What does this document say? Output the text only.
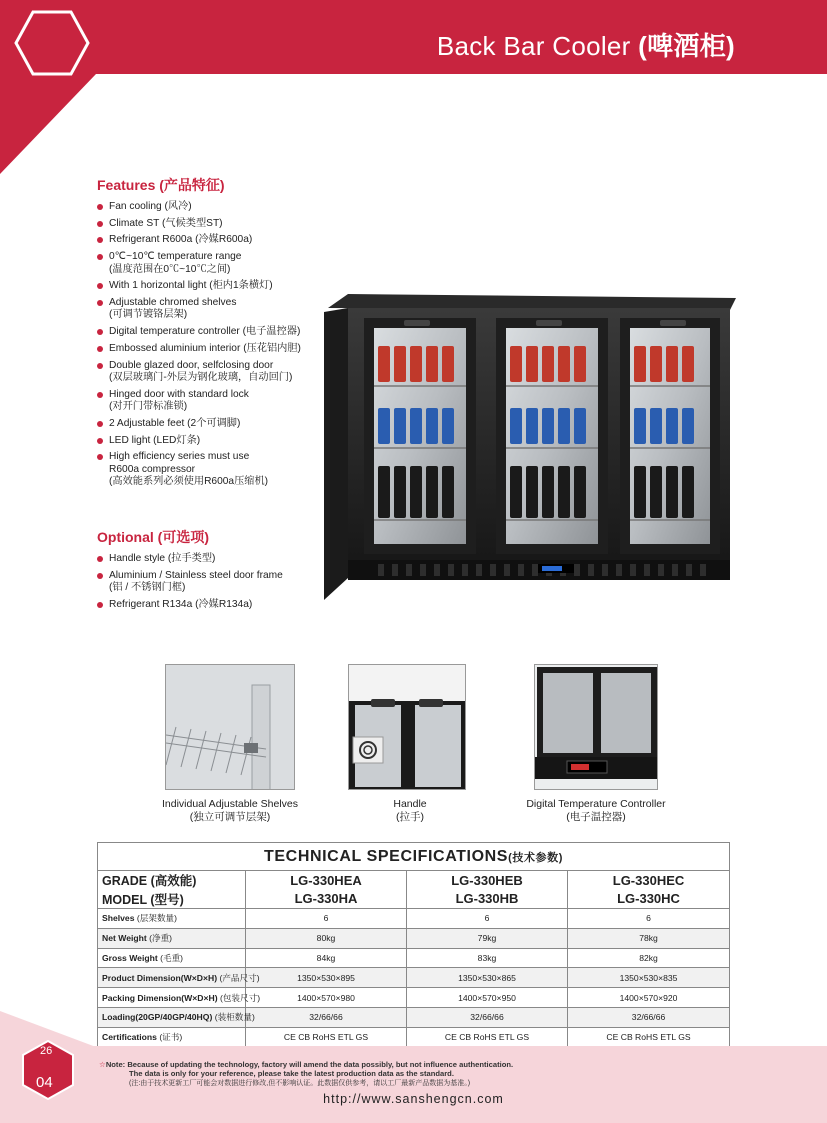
Back Bar Cooler (啤酒柜)
Features (产品特征)
Fan cooling (风冷)
Climate ST (气候类型ST)
Refrigerant R600a (冷媒R600a)
0℃~10℃ temperature range
(温度范围在0℃~10℃之间)
With 1 horizontal light (柜内1条横灯)
Adjustable chromed shelves
(可调节镀铬层架)
Digital temperature controller (电子温控器)
Embossed aluminium interior (压花铝内胆)
Double glazed door, selfclosing door
(双层玻璃门-外层为钢化玻璃，自动回门)
Hinged door with standard lock
(对开门带标准锁)
2 Adjustable feet (2个可调脚)
LED light (LED灯条)
High efficiency series must use
R600a compressor
(高效能系列必须使用R600a压缩机)
Optional (可选项)
Handle style (拉手类型)
Aluminium / Stainless steel door frame
(铝 / 不锈钢门框)
Refrigerant R134a (冷媒R134a)
Individual Adjustable Shelves
(独立可调节层架)
Handle
(拉手)
Digital Temperature Controller
(电子温控器)
TECHNICAL SPECIFICATIONS(技术参数)			
GRADE (高效能)	LG-330HEA	LG-330HEB	LG-330HEC
MODEL (型号)	LG-330HA	LG-330HB	LG-330HC
Shelves (层架数量)	6	6	6
Net Weight (净重)	80kg	79kg	78kg
Gross Weight (毛重)	84kg	83kg	82kg
Product Dimension(W×D×H) (产品尺寸)	1350×530×895	1350×530×865	1350×530×835
Packing Dimension(W×D×H) (包装尺寸)	1400×570×980	1400×570×950	1400×570×920
Loading(20GP/40GP/40HQ) (装柜数量)	32/66/66	32/66/66	32/66/66
Certifications (证书)	CE CB RoHS ETL GS	CE CB RoHS ETL GS	CE CB RoHS ETL GS
26
04
☆Note: Because of updating the technology, factory will amend the data possibly, but not influence authentication.
The data is only for your reference, please take the latest production data as the standard.
(注:由于技术更新工厂可能会对数据进行修改,但不影响认证。此数据仅供参考，请以工厂最新产品数据为基准。)
http://www.sanshengcn.com
